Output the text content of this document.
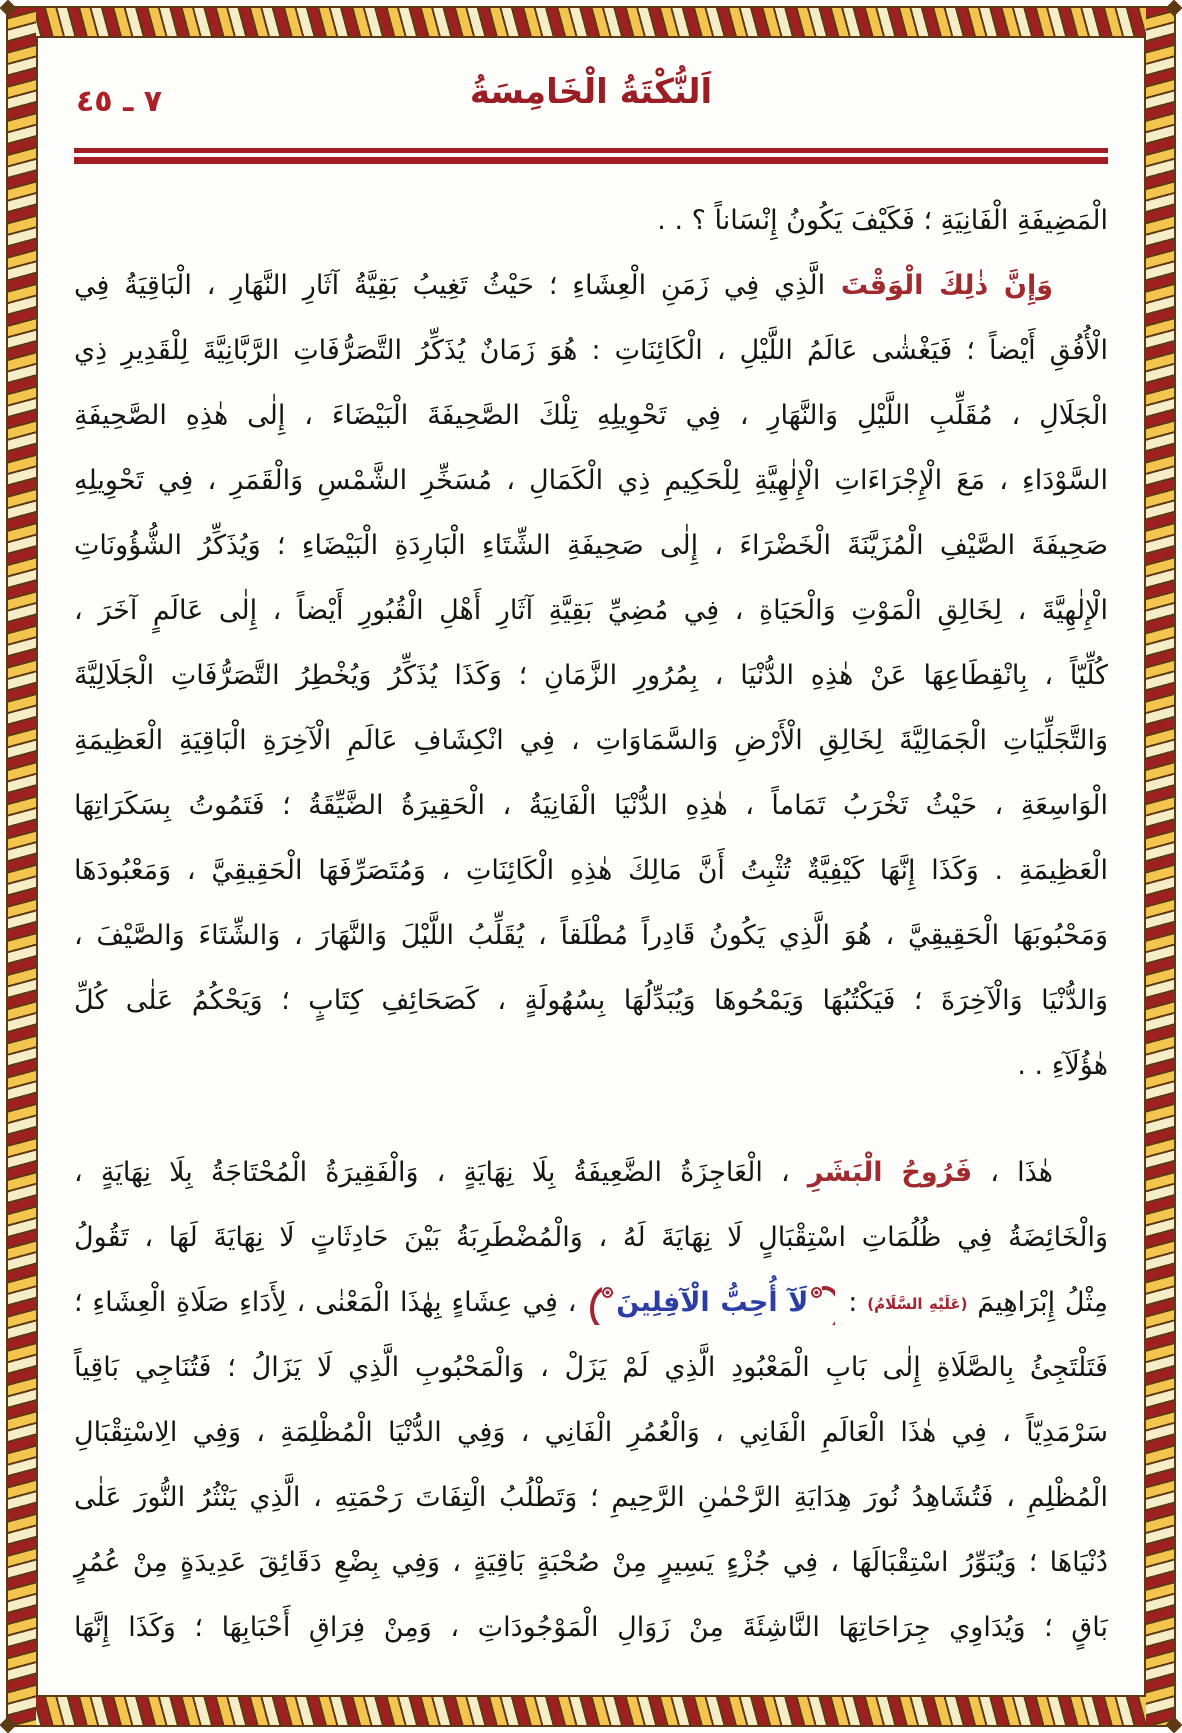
٧ ـ ٤٥	اَلنُّكْتَةُ الْخَامِسَةُ
الْمَضِيفَةِ الْفَانِيَةِ ؛ فَكَيْفَ يَكُونُ إِنْسَاناً ؟ . .
وَإِنَّ ذٰلِكَ الْوَقْتَ الَّذِي فِي زَمَنِ الْعِشَاءِ ؛ حَيْثُ تَغِيبُ بَقِيَّةُ آثَارِ النَّهَارِ ، الْبَاقِيَةُ فِي
الْأُفُقِ أَيْضاً ؛ فَيَغْشٰى عَالَمُ اللَّيْلِ ، الْكَائِنَاتِ : هُوَ زَمَانٌ يُذَكِّرُ التَّصَرُّفَاتِ الرَّبَّانِيَّةَ لِلْقَدِيرِ ذِي
الْجَلَالِ ، مُقَلِّبِ اللَّيْلِ وَالنَّهَارِ ، فِي تَحْوِيلِهِ تِلْكَ الصَّحِيفَةَ الْبَيْضَاءَ ، إِلٰى هٰذِهِ الصَّحِيفَةِ
السَّوْدَاءِ ، مَعَ الْإِجْرَاءَاتِ الْإِلٰهِيَّةِ لِلْحَكِيمِ ذِي الْكَمَالِ ، مُسَخِّرِ الشَّمْسِ وَالْقَمَرِ ، فِي تَحْوِيلِهِ
صَحِيفَةَ الصَّيْفِ الْمُزَيَّنَةَ الْخَضْرَاءَ ، إِلٰى صَحِيفَةِ الشِّتَاءِ الْبَارِدَةِ الْبَيْضَاءِ ؛ وَيُذَكِّرُ الشُّؤُونَاتِ
الْإِلٰهِيَّةَ ، لِخَالِقِ الْمَوْتِ وَالْحَيَاةِ ، فِي مُضِيِّ بَقِيَّةِ آثَارِ أَهْلِ الْقُبُورِ أَيْضاً ، إِلٰى عَالَمٍ آخَرَ ،
كُلِّيّاً ، بِانْقِطَاعِهَا عَنْ هٰذِهِ الدُّنْيَا ، بِمُرُورِ الزَّمَانِ ؛ وَكَذَا يُذَكِّرُ وَيُخْطِرُ التَّصَرُّفَاتِ الْجَلَالِيَّةَ
وَالتَّجَلِّيَاتِ الْجَمَالِيَّةَ لِخَالِقِ الْأَرْضِ وَالسَّمَاوَاتِ ، فِي انْكِشَافِ عَالَمِ الْآخِرَةِ الْبَاقِيَةِ الْعَظِيمَةِ
الْوَاسِعَةِ ، حَيْثُ تَخْرَبُ تَمَاماً ، هٰذِهِ الدُّنْيَا الْفَانِيَةُ ، الْحَقِيرَةُ الضَّيِّقَةُ ؛ فَتَمُوتُ بِسَكَرَاتِهَا
الْعَظِيمَةِ . وَكَذَا إِنَّهَا كَيْفِيَّةٌ تُثْبِتُ أَنَّ مَالِكَ هٰذِهِ الْكَائِنَاتِ ، وَمُتَصَرِّفَهَا الْحَقِيقِيَّ ، وَمَعْبُودَهَا
وَمَحْبُوبَهَا الْحَقِيقِيَّ ، هُوَ الَّذِي يَكُونُ قَادِراً مُطْلَقاً ، يُقَلِّبُ اللَّيْلَ وَالنَّهَارَ ، وَالشِّتَاءَ وَالصَّيْفَ ،
وَالدُّنْيَا وَالْآخِرَةَ ؛ فَيَكْتُبُهَا وَيَمْحُوهَا وَيُبَدِّلُهَا بِسُهُولَةٍ ، كَصَحَائِفِ كِتَابٍ ؛ وَيَحْكُمُ عَلٰى كُلِّ
هٰؤُلَآءِ . .
هٰذَا ، فَرُوحُ الْبَشَرِ ، الْعَاجِزَةُ الضَّعِيفَةُ بِلَا نِهَايَةٍ ، وَالْفَقِيرَةُ الْمُحْتَاجَةُ بِلَا نِهَايَةٍ ،
وَالْخَائِضَةُ فِي ظُلُمَاتِ اسْتِقْبَالٍ لَا نِهَايَةَ لَهُ ، وَالْمُضْطَرِبَةُ بَيْنَ حَادِثَاتٍ لَا نِهَايَةَ لَهَا ، تَقُولُ
مِثْلُ إِبْرَاهِيمَ (عَلَيْهِ السَّلَامُ) : لَآ أُحِبُّ الْآفِلِينَ ، فِي عِشَاءٍ بِهٰذَا الْمَعْنٰى ، لِأَدَاءِ صَلَاةِ الْعِشَاءِ ؛
فَتَلْتَجِئُ بِالصَّلَاةِ إِلٰى بَابِ الْمَعْبُودِ الَّذِي لَمْ يَزَلْ ، وَالْمَحْبُوبِ الَّذِي لَا يَزَالُ ؛ فَتُنَاجِي بَاقِياً
سَرْمَدِيّاً ، فِي هٰذَا الْعَالَمِ الْفَانِي ، وَالْعُمُرِ الْفَانِي ، وَفِي الدُّنْيَا الْمُظْلِمَةِ ، وَفِي الِاسْتِقْبَالِ
الْمُظْلِمِ ، فَتُشَاهِدُ نُورَ هِدَايَةِ الرَّحْمٰنِ الرَّحِيمِ ؛ وَتَطْلُبُ الْتِفَاتَ رَحْمَتِهِ ، الَّذِي يَنْثُرُ النُّورَ عَلٰى
دُنْيَاهَا ؛ وَيُنَوِّرُ اسْتِقْبَالَهَا ، فِي جُزْءٍ يَسِيرٍ مِنْ صُحْبَةٍ بَاقِيَةٍ ، وَفِي بِضْعِ دَقَائِقَ عَدِيدَةٍ مِنْ عُمُرٍ
بَاقٍ ؛ وَيُدَاوِي جِرَاحَاتِهَا النَّاشِئَةَ مِنْ زَوَالِ الْمَوْجُودَاتِ ، وَمِنْ فِرَاقِ أَحْبَابِهَا ؛ وَكَذَا إِنَّهَا
